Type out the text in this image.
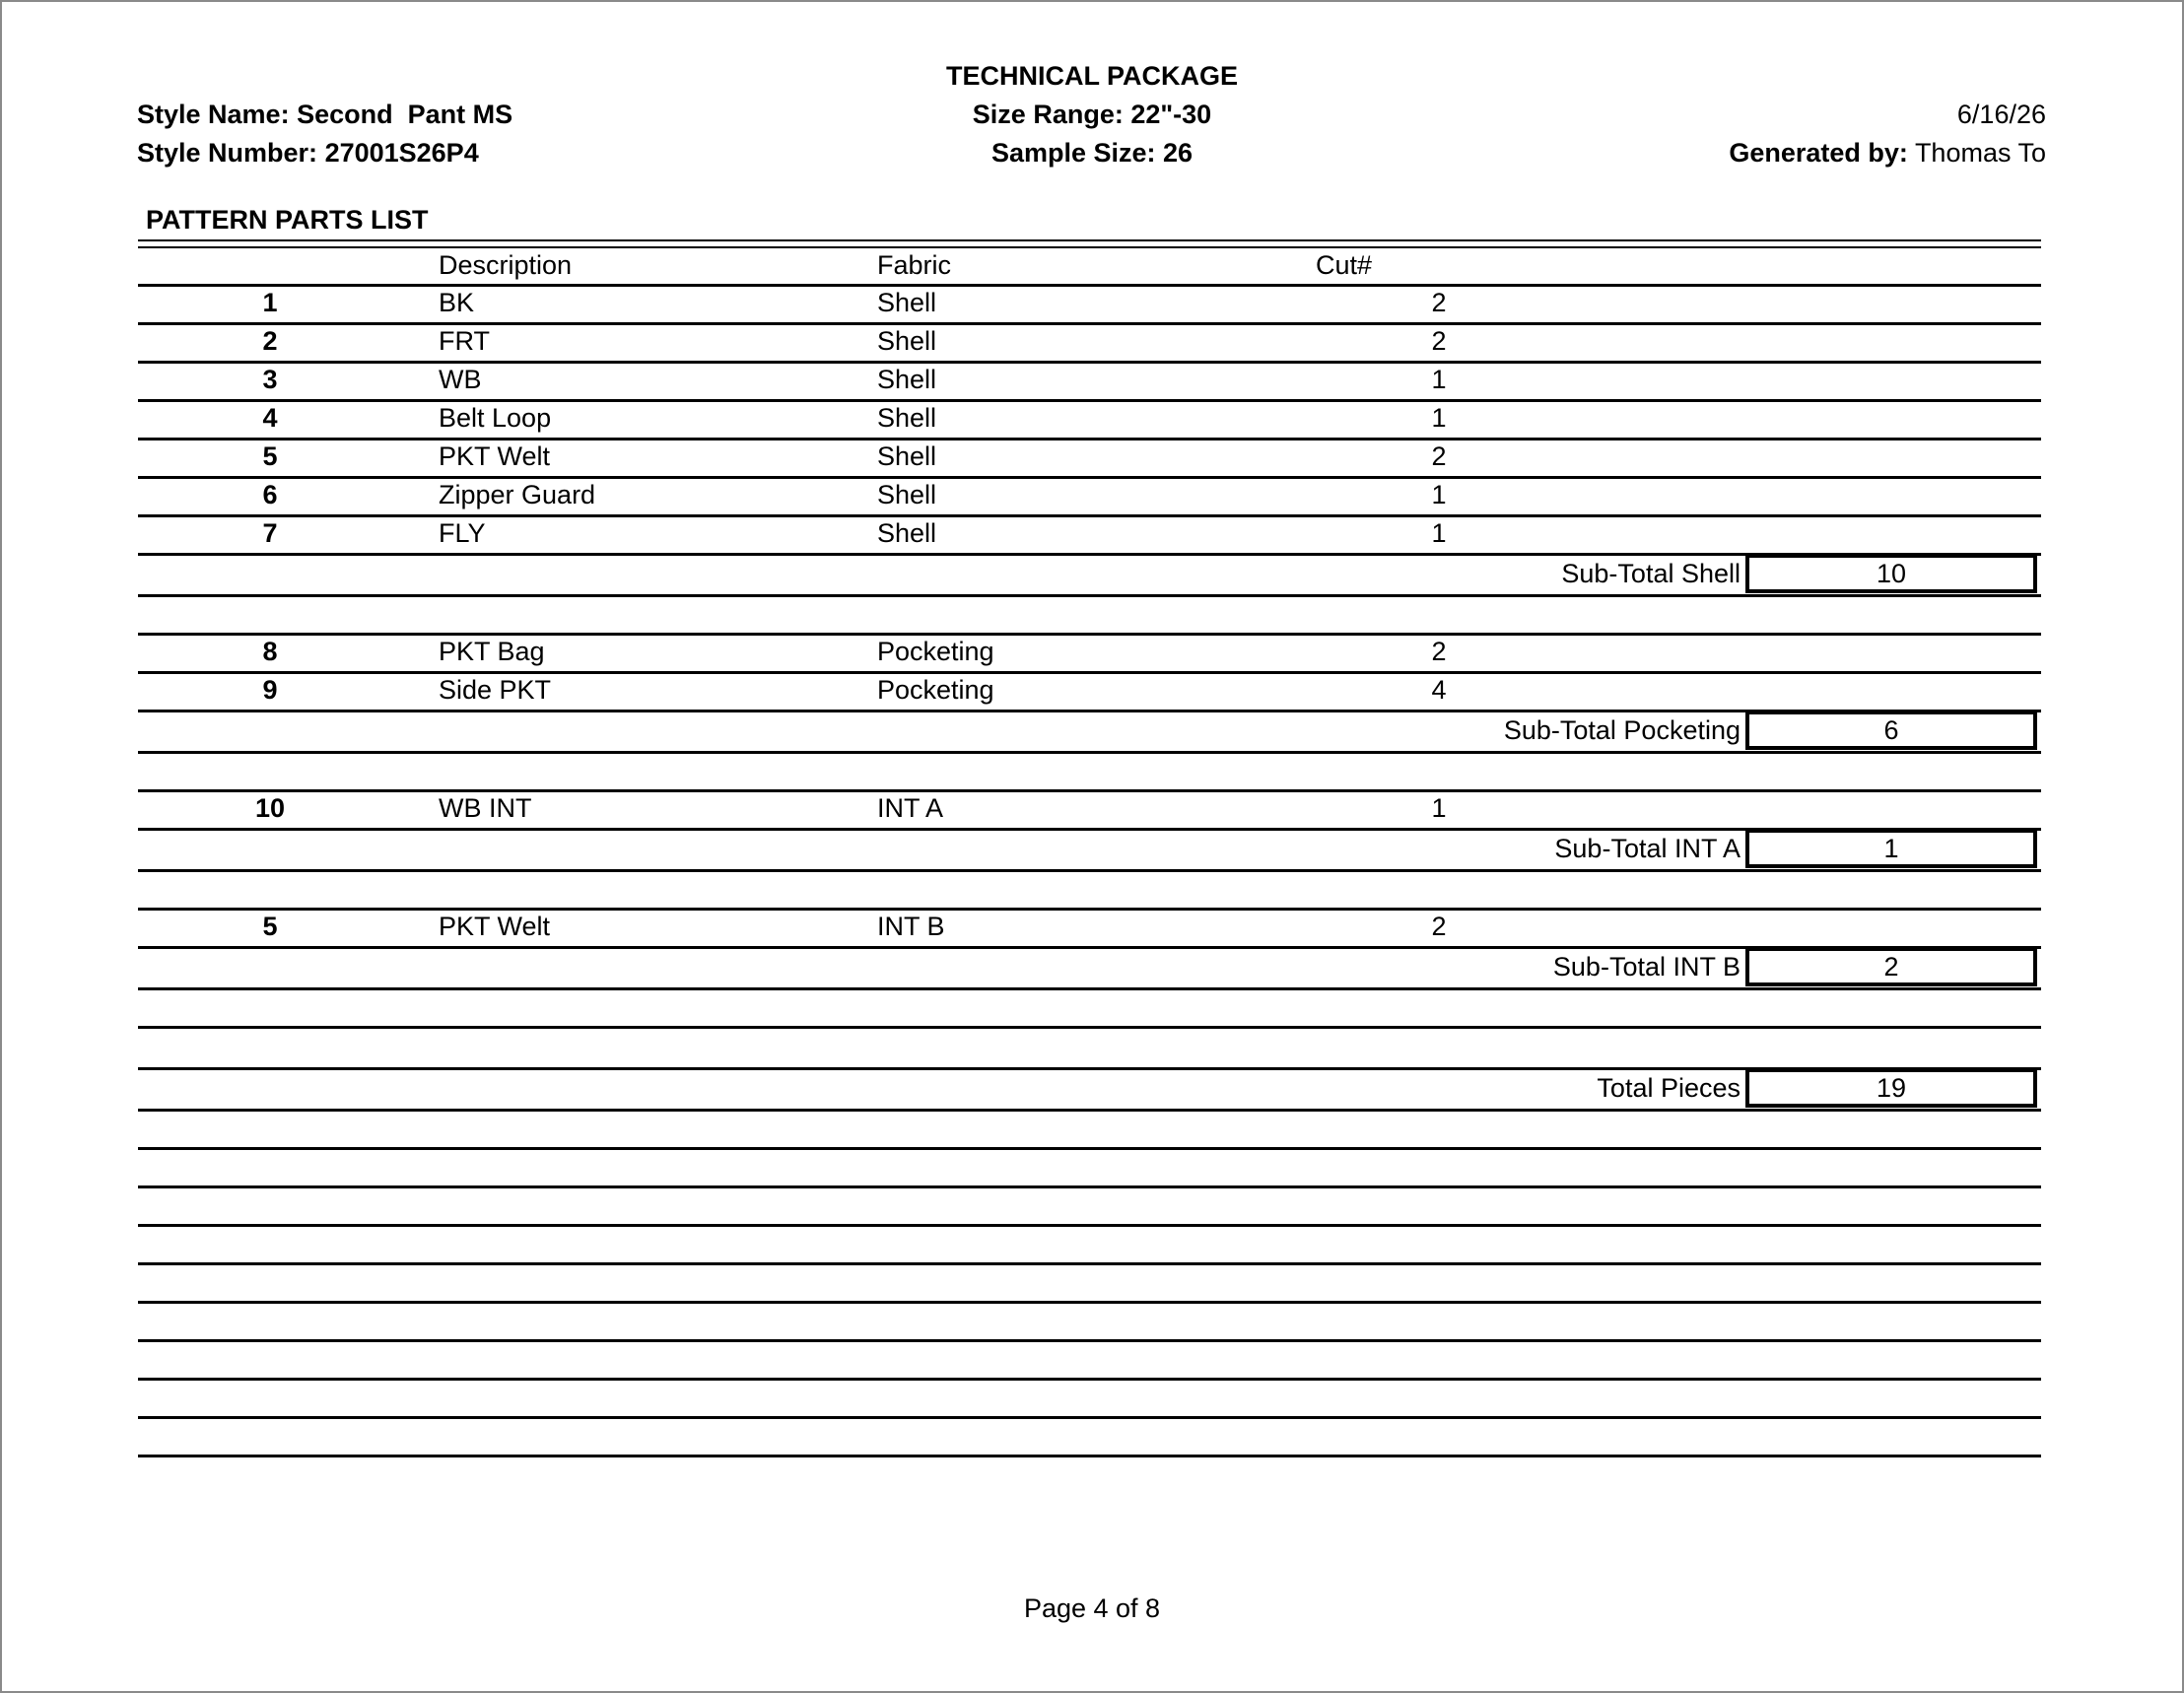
TECHNICAL PACKAGE
Size Range: 22"-30
Sample Size: 26
Style Name: Second  Pant MS
Style Number: 27001S26P4
6/16/26
Generated by: Thomas To
PATTERN PARTS LIST
Description	Fabric	Cut#
1	BK	Shell	2
2	FRT	Shell	2
3	WB	Shell	1
4	Belt Loop	Shell	1
5	PKT Welt	Shell	2
6	Zipper Guard	Shell	1
7	FLY	Shell	1
Sub-Total Shell	10
8	PKT Bag	Pocketing	2
9	Side PKT	Pocketing	4
Sub-Total Pocketing	6
10	WB INT	INT A	1
Sub-Total INT A	1
5	PKT Welt	INT B	2
Sub-Total INT B	2
Total Pieces	19
Page 4 of 8
